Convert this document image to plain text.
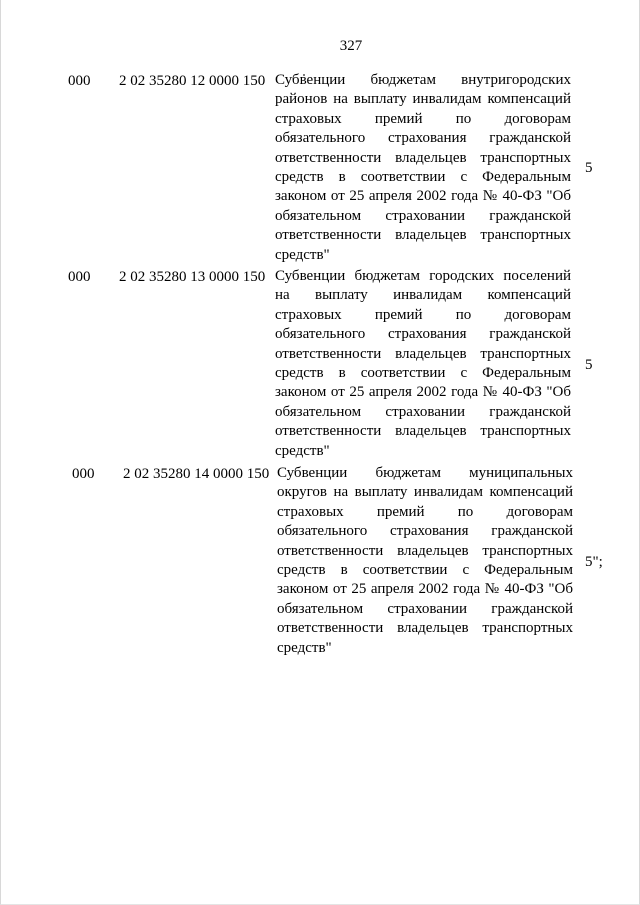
327
000 2 02 35280 12 0000 150 Субвенции бюджетам внутригородских районов на выплату инвалидам компенсаций страховых премий по договорам обязательного страхования гражданской ответственности владельцев транспортных средств в соответствии с Федеральным законом от 25 апреля 2002 года № 40-ФЗ "Об обязательном страховании гражданской ответственности владельцев транспортных средств"
5
000 2 02 35280 13 0000 150 Субвенции бюджетам городских поселений на выплату инвалидам компенсаций страховых премий по договорам обязательного страхования гражданской ответственности владельцев транспортных средств в соответствии с Федеральным законом от 25 апреля 2002 года № 40-ФЗ "Об обязательном страховании гражданской ответственности владельцев транспортных средств"
5
000 2 02 35280 14 0000 150 Субвенции бюджетам муниципальных округов на выплату инвалидам компенсаций страховых премий по договорам обязательного страхования гражданской ответственности владельцев транспортных средств в соответствии с Федеральным законом от 25 апреля 2002 года № 40-ФЗ "Об обязательном страховании гражданской ответственности владельцев транспортных средств"
5";
